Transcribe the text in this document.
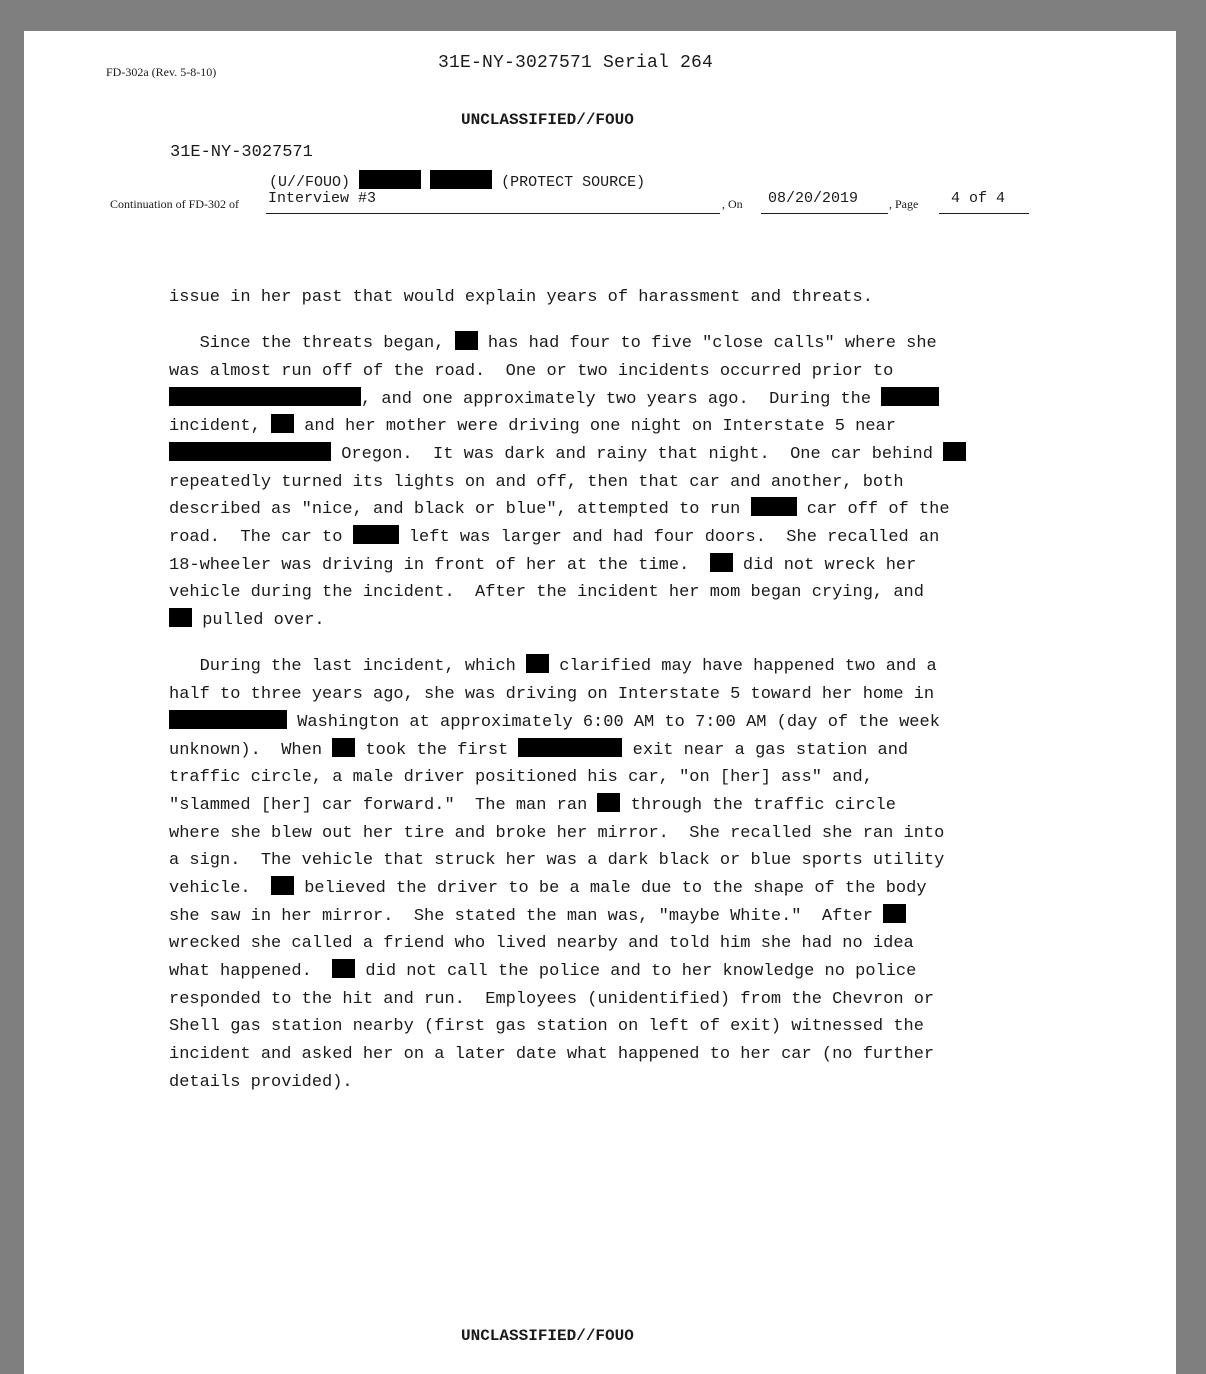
FD-302a (Rev. 5-8-10)	31E-NY-3027571 Serial 264
UNCLASSIFIED//FOUO
31E-NY-3027571
(U//FOUO)	(PROTECT SOURCE)
Continuation of FD-302 of Interview #3	, On 08/20/2019	, Page 4 of 4
issue in her past that would explain years of harassment and threats.
Since the threats began,  has had four to five "close calls" where she
was almost run off of the road.  One or two incidents occurred prior to
, and one approximately two years ago.  During the
incident,  and her mother were driving one night on Interstate 5 near
Oregon.  It was dark and rainy that night.  One car behind
repeatedly turned its lights on and off, then that car and another, both
described as "nice, and black or blue", attempted to run	car off of the
road.  The car to	left was larger and had four doors.  She recalled an
18-wheeler was driving in front of her at the time.   did not wreck her
vehicle during the incident.  After the incident her mom began crying, and
pulled over.
During the last incident, which  clarified may have happened two and a
half to three years ago, she was driving on Interstate 5 toward her home in
Washington at approximately 6:00 AM to 7:00 AM (day of the week
unknown).  When  took the first	exit near a gas station and
traffic circle, a male driver positioned his car, "on [her] ass" and,
"slammed [her] car forward."  The man ran  through the traffic circle
where she blew out her tire and broke her mirror.  She recalled she ran into
a sign.  The vehicle that struck her was a dark black or blue sports utility
vehicle.   believed the driver to be a male due to the shape of the body
she saw in her mirror.  She stated the man was, "maybe White."  After
wrecked she called a friend who lived nearby and told him she had no idea
what happened.   did not call the police and to her knowledge no police
responded to the hit and run.  Employees (unidentified) from the Chevron or
Shell gas station nearby (first gas station on left of exit) witnessed the
incident and asked her on a later date what happened to her car (no further
details provided).
UNCLASSIFIED//FOUO
